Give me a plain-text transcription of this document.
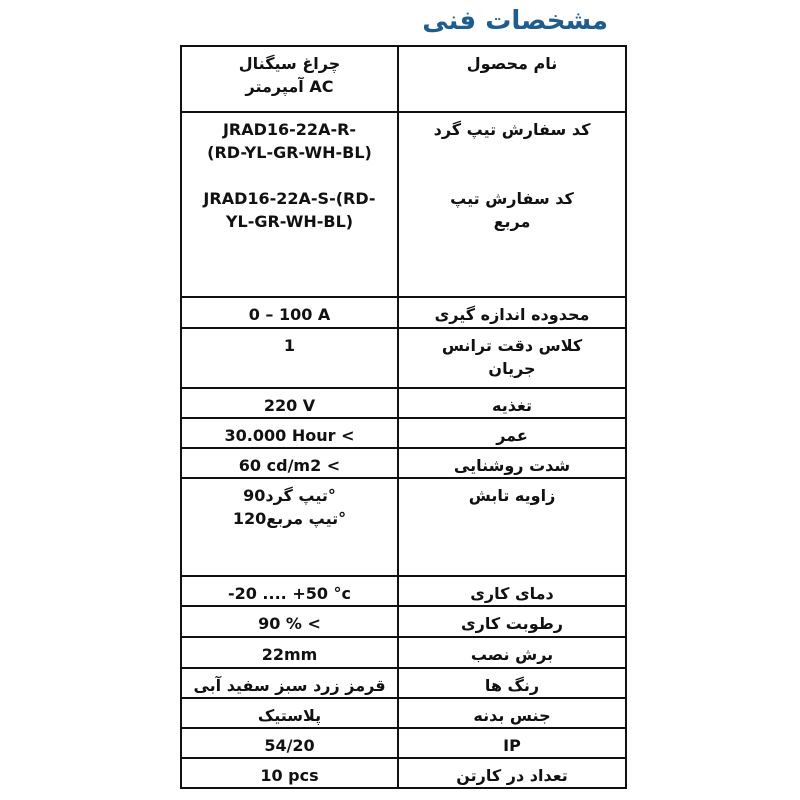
مشخصات فنی
چراغ سیگنال
آمپرمتر AC	نام محصول

JRAD16-22A-R-
(RD-YL-GR-WH-BL)
JRAD16-22A-S-(RD-
YL-GR-WH-BL)	کد سفارش تیپ گرد
کد سفارش تیپ
مربع

0 – 100 A	محدوده اندازه گیری

1	کلاس دقت ترانس
جریان

220 V	تغذیه

30.000 Hour <	عمر

60 cd/m2 <	شدت روشنایی

تیپ گرد90°
تیپ مربع120°	زاویه تابش

-20 .... +50 °c	دمای کاری

90 % <	رطوبت کاری

22mm	برش نصب

قرمز زرد سبز سفید آبی	رنگ ها

پلاستیک	جنس بدنه

54/20	IP

10 pcs	تعداد در کارتن
